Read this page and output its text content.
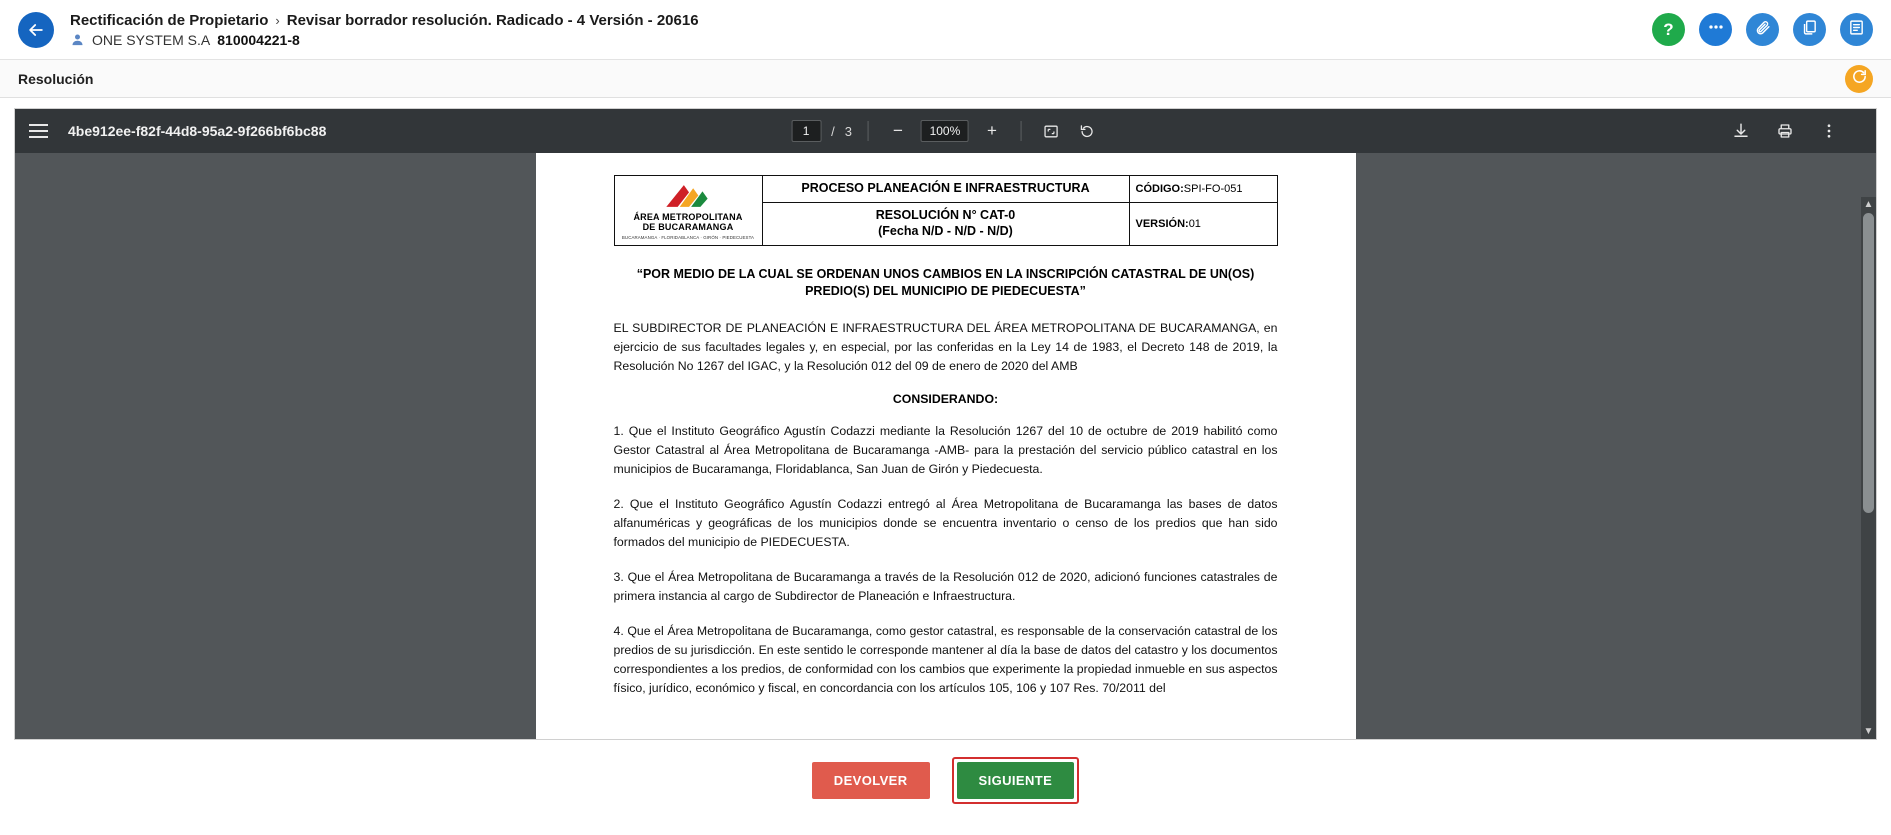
Rectificación de Propietario › Revisar borrador resolución. Radicado - 4 Versión - 20616
ONE SYSTEM S.A 810004221-8
?
Resolución
4be912ee-f82f-44d8-95a2-9f266bf6bc88
1	/ 3	−	100%	+
ÁREA METROPOLITANA
DE BUCARAMANGA
BUCARAMANGA · FLORIDABLANCA · GIRÓN · PIEDECUESTA	PROCESO PLANEACIÓN E INFRAESTRUCTURA	CÓDIGO:SPI-FO-051

	RESOLUCIÓN N° CAT-0
(Fecha N/D - N/D - N/D)	VERSIÓN:01
“POR MEDIO DE LA CUAL SE ORDENAN UNOS CAMBIOS EN LA INSCRIPCIÓN CATASTRAL DE UN(OS) PREDIO(S) DEL MUNICIPIO DE PIEDECUESTA”

EL SUBDIRECTOR DE PLANEACIÓN E INFRAESTRUCTURA DEL ÁREA METROPOLITANA DE BUCARAMANGA, en ejercicio de sus facultades legales y, en especial, por las conferidas en la Ley 14 de 1983, el Decreto 148 de 2019, la Resolución No 1267 del IGAC, y la Resolución 012 del 09 de enero de 2020 del AMB

CONSIDERANDO:

1. Que el Instituto Geográfico Agustín Codazzi mediante la Resolución 1267 del 10 de octubre de 2019 habilitó como Gestor Catastral al Área Metropolitana de Bucaramanga -AMB- para la prestación del servicio público catastral en los municipios de Bucaramanga, Floridablanca, San Juan de Girón y Piedecuesta.

2. Que el Instituto Geográfico Agustín Codazzi entregó al Área Metropolitana de Bucaramanga las bases de datos alfanuméricas y geográficas de los municipios donde se encuentra inventario o censo de los predios que han sido formados del municipio de PIEDECUESTA.

3. Que el Área Metropolitana de Bucaramanga a través de la Resolución 012 de 2020, adicionó funciones catastrales de primera instancia al cargo de Subdirector de Planeación e Infraestructura.

4. Que el Área Metropolitana de Bucaramanga, como gestor catastral, es responsable de la conservación catastral de los predios de su jurisdicción. En este sentido le corresponde mantener al día la base de datos del catastro y los documentos correspondientes a los predios, de conformidad con los cambios que experimente la propiedad inmueble en sus aspectos físico, jurídico, económico y fiscal, en concordancia con los artículos 105, 106 y 107 Res. 70/2011 del

▲
▼
DEVOLVER	SIGUIENTE
